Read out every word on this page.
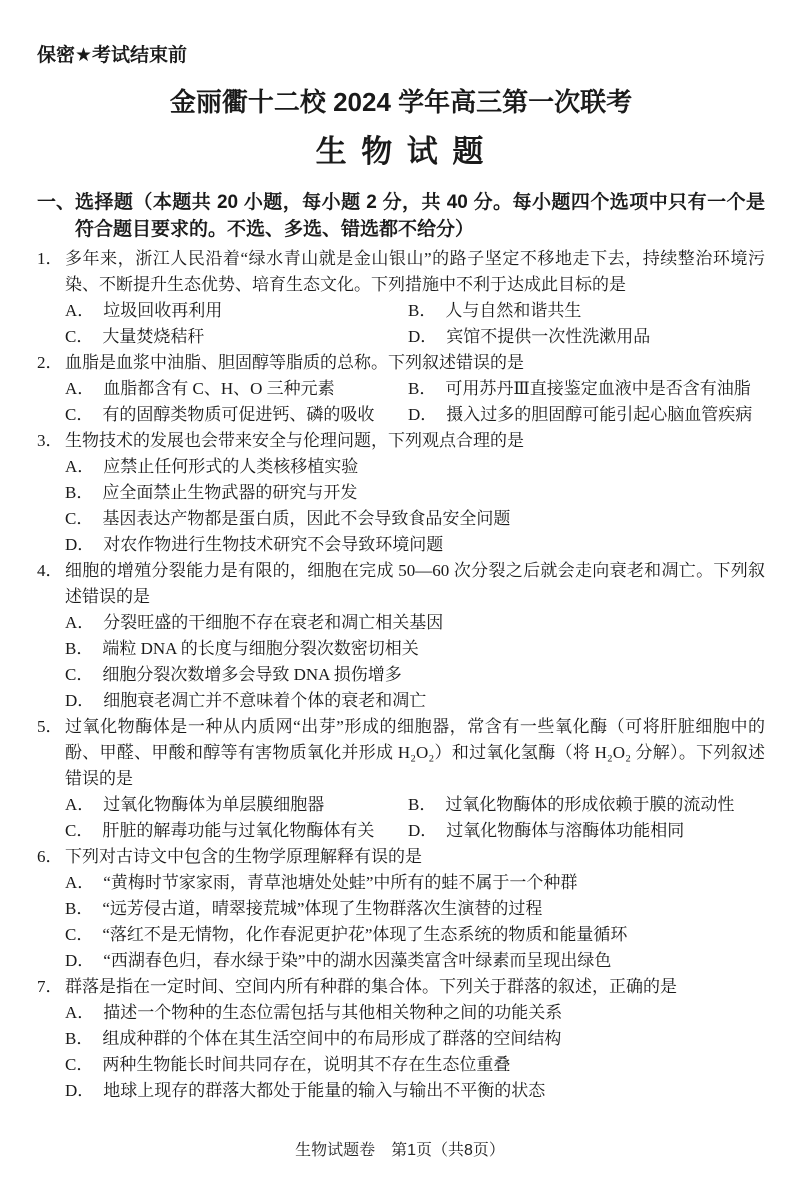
保密★考试结束前
金丽衢十二校 2024 学年高三第一次联考
生 物 试 题
一、 选择题（本题共 20 小题，每小题 2 分，共 40 分。每小题四个选项中只有一个是符合题目要求的。不选、多选、错选都不给分）
1． 多年来，浙江人民沿着“绿水青山就是金山银山”的路子坚定不移地走下去，持续整治环境污染、不断提升生态优势、培育生态文化。下列措施中不利于达成此目标的是
A． 垃圾回收再利用	B． 人与自然和谐共生
C． 大量焚烧秸秆	D． 宾馆不提供一次性洗漱用品
2． 血脂是血浆中油脂、胆固醇等脂质的总称。下列叙述错误的是
A． 血脂都含有 C、H、O 三种元素	B． 可用苏丹Ⅲ直接鉴定血液中是否含有油脂
C． 有的固醇类物质可促进钙、磷的吸收	D． 摄入过多的胆固醇可能引起心脑血管疾病
3． 生物技术的发展也会带来安全与伦理问题，下列观点合理的是
A． 应禁止任何形式的人类核移植实验
B． 应全面禁止生物武器的研究与开发
C． 基因表达产物都是蛋白质，因此不会导致食品安全问题
D． 对农作物进行生物技术研究不会导致环境问题
4． 细胞的增殖分裂能力是有限的，细胞在完成 50—60 次分裂之后就会走向衰老和凋亡。下列叙述错误的是
A． 分裂旺盛的干细胞不存在衰老和凋亡相关基因
B． 端粒 DNA 的长度与细胞分裂次数密切相关
C． 细胞分裂次数增多会导致 DNA 损伤增多
D． 细胞衰老凋亡并不意味着个体的衰老和凋亡
5． 过氧化物酶体是一种从内质网“出芽”形成的细胞器，常含有一些氧化酶（可将肝脏细胞中的酚、甲醛、甲酸和醇等有害物质氧化并形成 H₂O₂）和过氧化氢酶（将 H₂O₂ 分解）。下列叙述错误的是
A． 过氧化物酶体为单层膜细胞器	B． 过氧化物酶体的形成依赖于膜的流动性
C． 肝脏的解毒功能与过氧化物酶体有关	D． 过氧化物酶体与溶酶体功能相同
6． 下列对古诗文中包含的生物学原理解释有误的是
A． “黄梅时节家家雨，青草池塘处处蛙”中所有的蛙不属于一个种群
B． “远芳侵古道，晴翠接荒城”体现了生物群落次生演替的过程
C． “落红不是无情物，化作春泥更护花”体现了生态系统的物质和能量循环
D． “西湖春色归，春水绿于染”中的湖水因藻类富含叶绿素而呈现出绿色
7． 群落是指在一定时间、空间内所有种群的集合体。下列关于群落的叙述，正确的是
A． 描述一个物种的生态位需包括与其他相关物种之间的功能关系
B． 组成种群的个体在其生活空间中的布局形成了群落的空间结构
C． 两种生物能长时间共同存在，说明其不存在生态位重叠
D． 地球上现存的群落大都处于能量的输入与输出不平衡的状态
生物试题卷　第1页（共8页）
